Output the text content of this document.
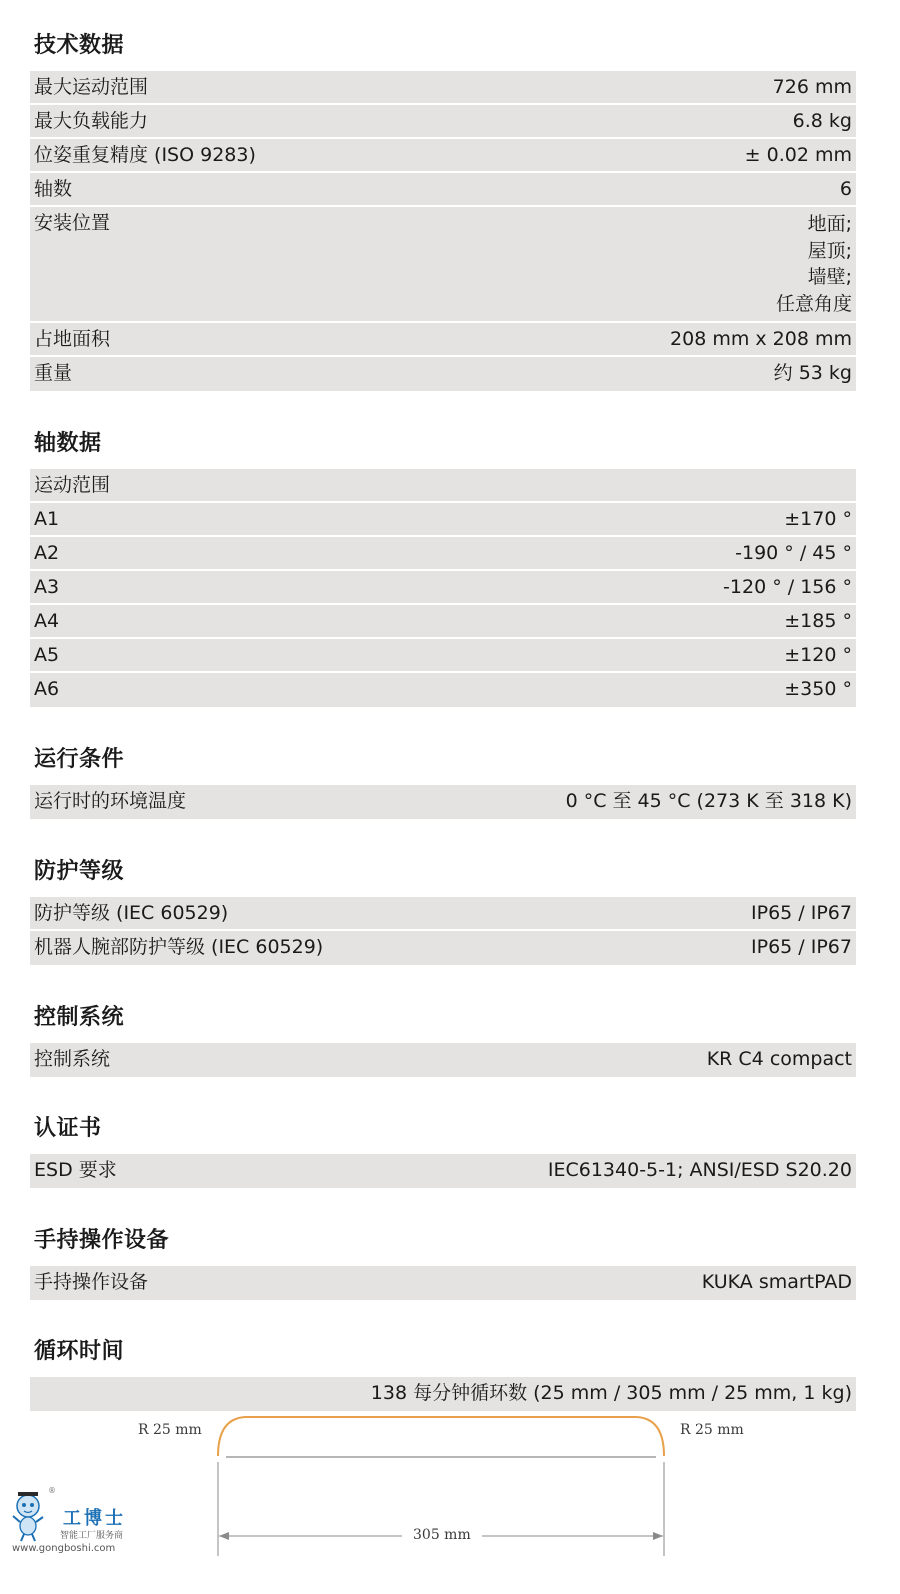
技术数据
最大运动范围	726 mm
最大负载能力	6.8 kg
位姿重复精度 (ISO 9283)	± 0.02 mm
轴数	6
安装位置	地面;
屋顶;
墙壁;
任意角度
占地面积	208 mm x 208 mm
重量	约 53 kg
轴数据
运动范围
A1	±170 °
A2	-190 ° / 45 °
A3	-120 ° / 156 °
A4	±185 °
A5	±120 °
A6	±350 °
运行条件
运行时的环境温度	0 °C 至 45 °C (273 K 至 318 K)
防护等级
防护等级 (IEC 60529)	IP65 / IP67
机器人腕部防护等级 (IEC 60529)	IP65 / IP67
控制系统
控制系统	KR C4 compact
认证书
ESD 要求	IEC61340-5-1; ANSI/ESD S20.20
手持操作设备
手持操作设备	KUKA smartPAD
循环时间
138 每分钟循环数 (25 mm / 305 mm / 25 mm, 1 kg)
R 25 mm	R 25 mm
305 mm
®
工博士
智能工厂服务商
www.gongboshi.com
